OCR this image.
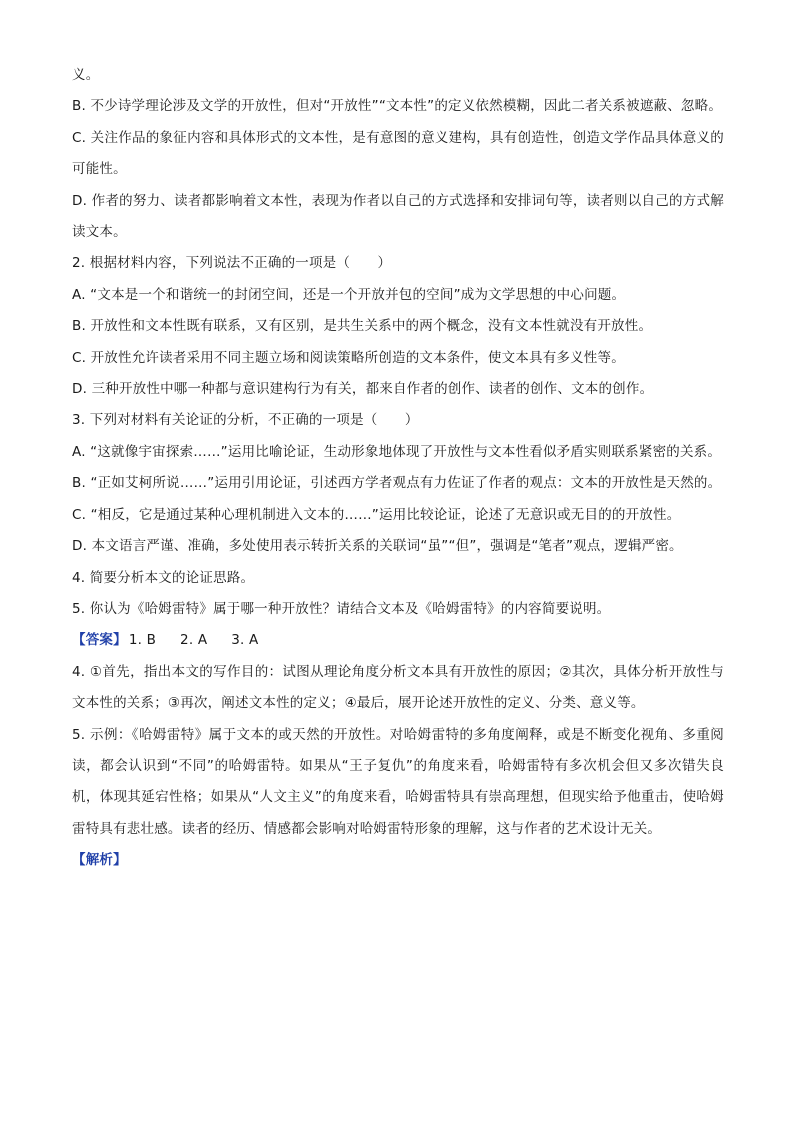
义。

B. 不少诗学理论涉及文学的开放性，但对“开放性”“文本性”的定义依然模糊，因此二者关系被遮蔽、忽略。

C. 关注作品的象征内容和具体形式的文本性，是有意图的意义建构，具有创造性，创造文学作品具体意义的可能性。

D. 作者的努力、读者都影响着文本性，表现为作者以自己的方式选择和安排词句等，读者则以自己的方式解读文本。

2. 根据材料内容，下列说法不正确的一项是（　　）

A. “文本是一个和谐统一的封闭空间，还是一个开放并包的空间”成为文学思想的中心问题。

B. 开放性和文本性既有联系，又有区别，是共生关系中的两个概念，没有文本性就没有开放性。

C. 开放性允许读者采用不同主题立场和阅读策略所创造的文本条件，使文本具有多义性等。

D. 三种开放性中哪一种都与意识建构行为有关，都来自作者的创作、读者的创作、文本的创作。

3. 下列对材料有关论证的分析，不正确的一项是（　　）

A. “这就像宇宙探索……”运用比喻论证，生动形象地体现了开放性与文本性看似矛盾实则联系紧密的关系。

B. “正如艾柯所说……”运用引用论证，引述西方学者观点有力佐证了作者的观点：文本的开放性是天然的。

C. “相反，它是通过某种心理机制进入文本的……”运用比较论证，论述了无意识或无目的的开放性。

D. 本文语言严谨、准确，多处使用表示转折关系的关联词“虽”“但”，强调是“笔者”观点，逻辑严密。

4. 简要分析本文的论证思路。

5. 你认为《哈姆雷特》属于哪一种开放性？请结合文本及《哈姆雷特》的内容简要说明。

【答案】 1. B 2. A 3. A

4. ①首先，指出本文的写作目的：试图从理论角度分析文本具有开放性的原因；②其次，具体分析开放性与文本性的关系；③再次，阐述文本性的定义；④最后，展开论述开放性的定义、分类、意义等。

5. 示例：《哈姆雷特》属于文本的或天然的开放性。对哈姆雷特的多角度阐释，或是不断变化视角、多重阅读，都会认识到“不同”的哈姆雷特。如果从“王子复仇”的角度来看，哈姆雷特有多次机会但又多次错失良机，体现其延宕性格；如果从“人文主义”的角度来看，哈姆雷特具有崇高理想，但现实给予他重击，使哈姆雷特具有悲壮感。读者的经历、情感都会影响对哈姆雷特形象的理解，这与作者的艺术设计无关。

【解析】
